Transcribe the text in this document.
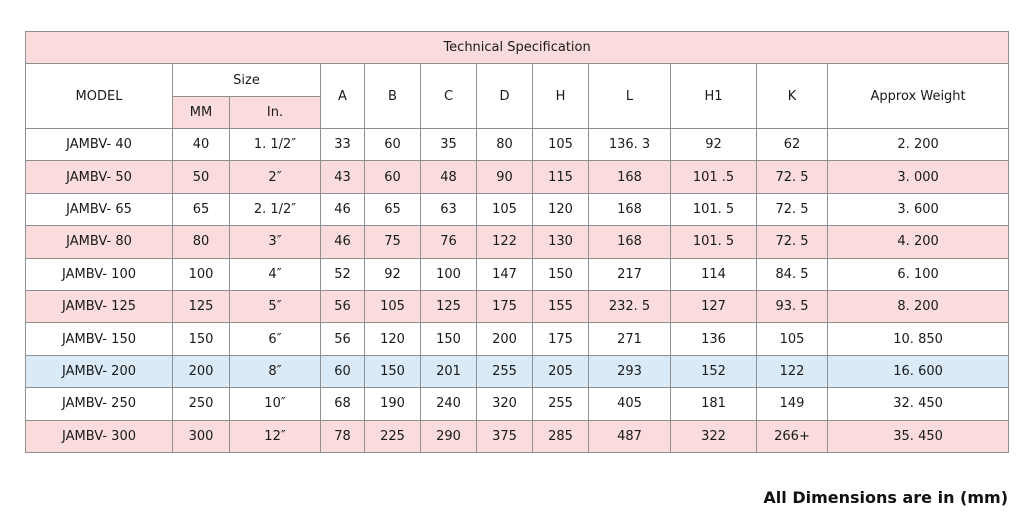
Technical Specification											
MODEL	Size		A	B	C	D	H	L	H1	K	Approx Weight
	MM	In.									
JAMBV- 40	40	1. 1/2″	33	60	35	80	105	136. 3	92	62	2. 200
JAMBV- 50	50	2″	43	60	48	90	115	168	101 .5	72. 5	3. 000
JAMBV- 65	65	2. 1/2″	46	65	63	105	120	168	101. 5	72. 5	3. 600
JAMBV- 80	80	3″	46	75	76	122	130	168	101. 5	72. 5	4. 200
JAMBV- 100	100	4″	52	92	100	147	150	217	114	84. 5	6. 100
JAMBV- 125	125	5″	56	105	125	175	155	232. 5	127	93. 5	8. 200
JAMBV- 150	150	6″	56	120	150	200	175	271	136	105	10. 850
JAMBV- 200	200	8″	60	150	201	255	205	293	152	122	16. 600
JAMBV- 250	250	10″	68	190	240	320	255	405	181	149	32. 450
JAMBV- 300	300	12″	78	225	290	375	285	487	322	266+	35. 450
All Dimensions are in (mm)
